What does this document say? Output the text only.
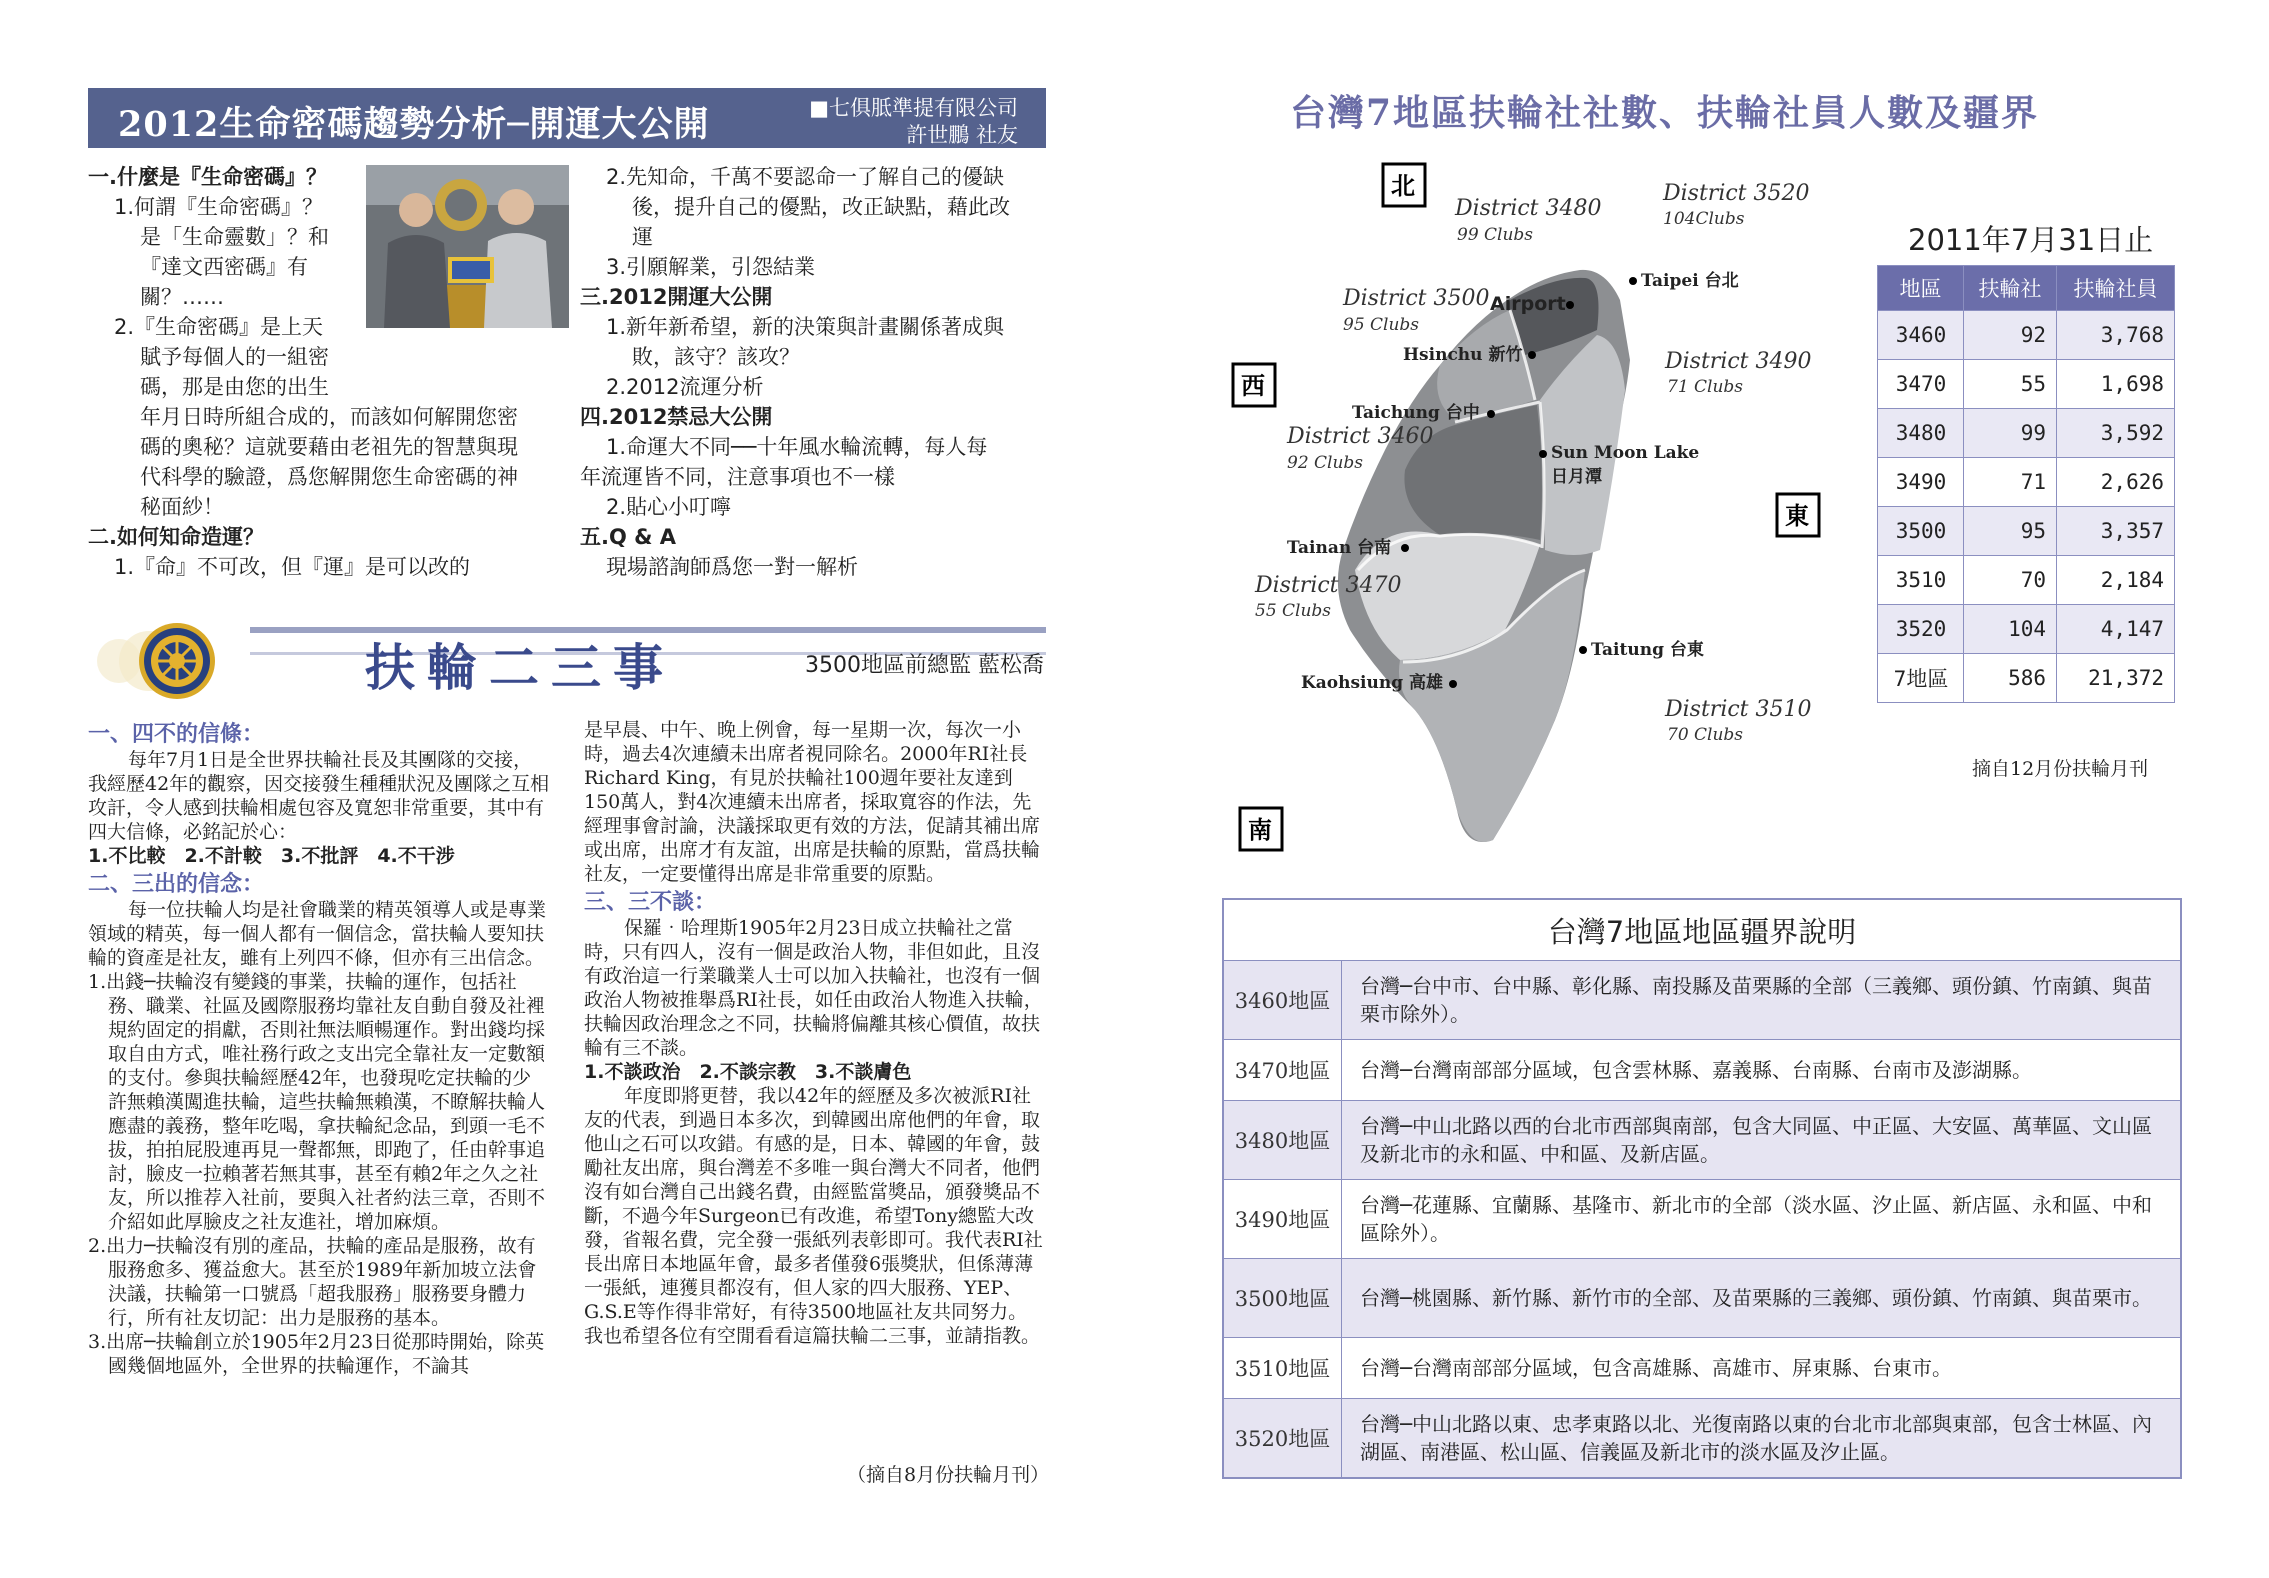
2012生命密碼趨勢分析─開運大公開	■七俱胝準提有限公司
許世鵬 社友

一.什麼是『生命密碼』？

1.何謂『生命密碼』？

是「生命靈數」？和

『達文西密碼』有

關？……

2.『生命密碼』是上天

賦予每個人的一組密

碼，那是由您的出生

年月日時所組合成的，而該如何解開您密

碼的奧秘？這就要藉由老祖先的智慧與現

代科學的驗證，爲您解開您生命密碼的神

秘面紗！

二.如何知命造運？

1.『命』不可改，但『運』是可以改的

2.先知命，千萬不要認命一了解自己的優缺

後，提升自己的優點，改正缺點，藉此改

運

3.引願解業，引怨結業

三.2012開運大公開

1.新年新希望，新的決策與計畫關係著成與

敗，該守？該攻？

2.2012流運分析

四.2012禁忌大公開

1.命運大不同──十年風水輪流轉，每人每

年流運皆不同，注意事項也不一樣

2.貼心小叮嚀

五.Q & A

現場諮詢師爲您一對一解析

扶輪二三事	3500地區前總監 藍松喬

一、四不的信條：

每年7月1日是全世界扶輪社長及其團隊的交接，我經歷42年的觀察，因交接發生種種狀況及團隊之互相攻訐，令人感到扶輪相處包容及寬恕非常重要，其中有四大信條，必銘記於心：

1.不比較　2.不計較　3.不批評　4.不干涉

二、三出的信念：

每一位扶輪人均是社會職業的精英領導人或是專業領域的精英，每一個人都有一個信念，當扶輪人要知扶輪的資產是社友，雖有上列四不條，但亦有三出信念。

1.出錢─扶輪沒有變錢的事業，扶輪的運作，包括社務、職業、社區及國際服務均靠社友自動自發及社裡規約固定的捐獻，否則社無法順暢運作。對出錢均採取自由方式，唯社務行政之支出完全靠社友一定數額的支付。參與扶輪經歷42年，也發現吃定扶輪的少許無賴漢闖進扶輪，這些扶輪無賴漢，不瞭解扶輪人應盡的義務，整年吃喝，拿扶輪紀念品，到頭一毛不拔，拍拍屁股連再見一聲都無，即跑了，任由幹事追討，臉皮一拉賴著若無其事，甚至有賴2年之久之社友，所以推荐入社前，要與入社者約法三章，否則不介紹如此厚臉皮之社友進社，增加麻煩。

2.出力─扶輪沒有別的產品，扶輪的產品是服務，故有服務愈多、獲益愈大。甚至於1989年新加坡立法會決議，扶輪第一口號爲「超我服務」服務要身體力行，所有社友切記：出力是服務的基本。

3.出席─扶輪創立於1905年2月23日從那時開始，除英國幾個地區外，全世界的扶輪運作，不論其

是早晨、中午、晚上例會，每一星期一次，每次一小時，過去4次連續未出席者視同除名。2000年RI社長Richard King，有見於扶輪社100週年要社友達到150萬人，對4次連續未出席者，採取寬容的作法，先經理事會討論，決議採取更有效的方法，促請其補出席或出席，出席才有友誼，出席是扶輪的原點，當爲扶輪社友，一定要懂得出席是非常重要的原點。

三、三不談：

保羅‧哈理斯1905年2月23日成立扶輪社之當時，只有四人，沒有一個是政治人物，非但如此，且沒有政治這一行業職業人士可以加入扶輪社，也沒有一個政治人物被推舉爲RI社長，如任由政治人物進入扶輪，扶輪因政治理念之不同，扶輪將偏離其核心價值，故扶輪有三不談。

1.不談政治　2.不談宗教　3.不談膚色

年度即將更替，我以42年的經歷及多次被派RI社友的代表，到過日本多次，到韓國出席他們的年會，取他山之石可以攻錯。有感的是，日本、韓國的年會，鼓勵社友出席，與台灣差不多唯一與台灣大不同者，他們沒有如台灣自己出錢名費，由經監當獎品，頒發獎品不斷，不過今年Surgeon已有改進，希望Tony總監大改發，省報名費，完全發一張紙列表彰即可。我代表RI社長出席日本地區年會，最多者僅發6張獎狀，但係薄薄一張紙，連獲貝都沒有，但人家的四大服務、YEP、G.S.E等作得非常好，有待3500地區社友共同努力。我也希望各位有空閒看看這篇扶輪二三事，並請指教。

（摘自8月份扶輪月刊）
台灣7地區扶輪社社數、扶輪社員人數及疆界
北
西
東
南
District 3480
99 Clubs
District 3520
104Clubs
District 3500
95 Clubs
District 3490
71 Clubs
District 3460
92 Clubs
District 3470
55 Clubs
District 3510
70 Clubs
Airport
Taipei 台北
Hsinchu 新竹
Taichung 台中
Sun Moon Lake
日月潭
Tainan 台南
Taitung 台東
Kaohsiung 高雄
2011年7月31日止
地區	扶輪社	扶輪社員
3460	92	3,768
3470	55	1,698
3480	99	3,592
3490	71	2,626
3500	95	3,357
3510	70	2,184
3520	104	4,147
7地區	586	21,372
摘自12月份扶輪月刊
台灣7地區地區疆界說明	
3460地區	台灣─台中市、台中縣、彰化縣、南投縣及苗栗縣的全部（三義鄉、頭份鎮、竹南鎮、與苗栗市除外）。
3470地區	台灣─台灣南部部分區域，包含雲林縣、嘉義縣、台南縣、台南市及澎湖縣。
3480地區	台灣─中山北路以西的台北市西部與南部，包含大同區、中正區、大安區、萬華區、文山區及新北市的永和區、中和區、及新店區。
3490地區	台灣─花蓮縣、宜蘭縣、基隆市、新北市的全部（淡水區、汐止區、新店區、永和區、中和區除外）。
3500地區	台灣─桃園縣、新竹縣、新竹市的全部、及苗栗縣的三義鄉、頭份鎮、竹南鎮、與苗栗市。
3510地區	台灣─台灣南部部分區域，包含高雄縣、高雄市、屏東縣、台東市。
3520地區	台灣─中山北路以東、忠孝東路以北、光復南路以東的台北市北部與東部，包含士林區、內湖區、南港區、松山區、信義區及新北市的淡水區及汐止區。
